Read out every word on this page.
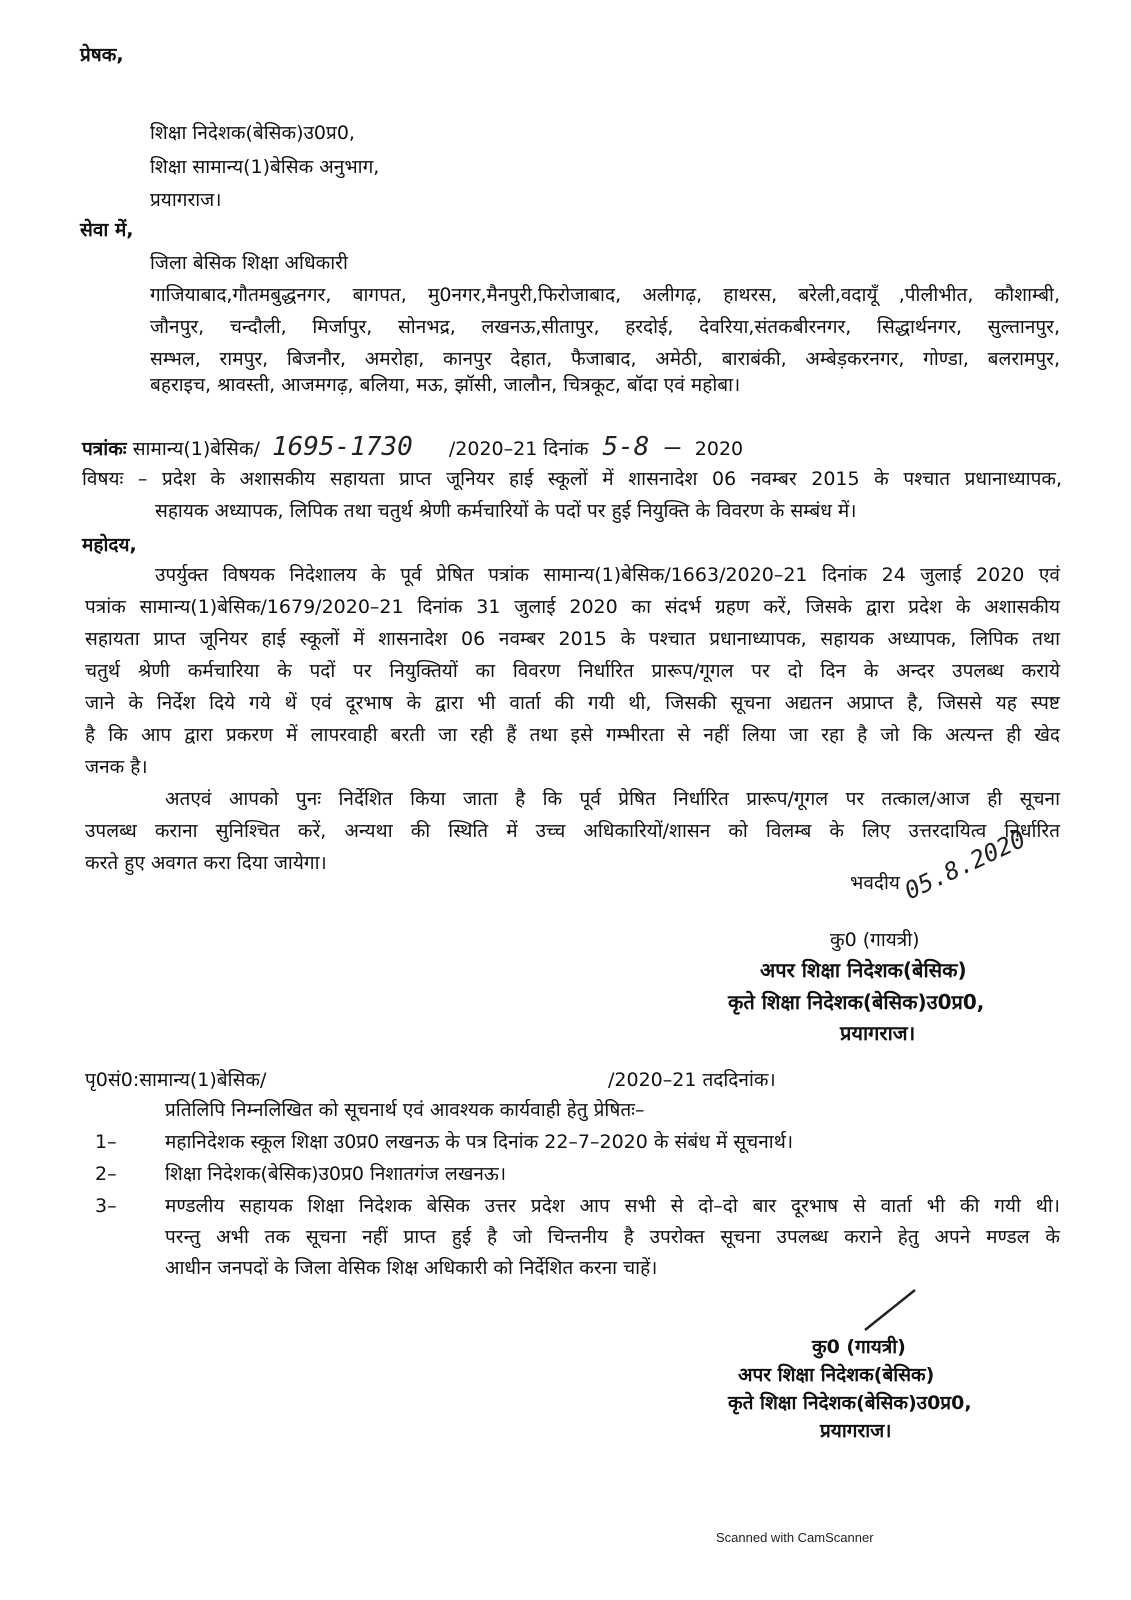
प्रेषक,
शिक्षा निदेशक(बेसिक)उ0प्र0,
शिक्षा सामान्य(1)बेसिक अनुभाग,
प्रयागराज।
सेवा में,
जिला बेसिक शिक्षा अधिकारी
गाजियाबाद,गौतमबुद्धनगर, बागपत, मु0नगर,मैनपुरी,फिरोजाबाद, अलीगढ़, हाथरस, बरेली,वदायूँ ,पीलीभीत, कौशाम्बी,
जौनपुर, चन्दौली, मिर्जापुर, सोनभद्र, लखनऊ,सीतापुर, हरदोई, देवरिया,संतकबीरनगर, सिद्धार्थनगर, सुल्तानपुर,
सम्भल, रामपुर, बिजनौर, अमरोहा, कानपुर देहात, फैजाबाद, अमेठी, बाराबंकी, अम्बेड़करनगर, गोण्डा, बलरामपुर,
बहराइच, श्रावस्ती, आजमगढ़, बलिया, मऊ, झॉसी, जालौन, चित्रकूट, बॉदा एवं महोबा।
पत्रांकः सामान्य(1)बेसिक/ 1695-1730 /2020–21 दिनांक 5-8 – 2020
विषयः – प्रदेश के अशासकीय सहायता प्राप्त जूनियर हाई स्कूलों में शासनादेश 06 नवम्बर 2015 के पश्चात प्रधानाध्यापक,
सहायक अध्यापक, लिपिक तथा चतुर्थ श्रेणी कर्मचारियों के पदों पर हुई नियुक्ति के विवरण के सम्बंध में।
महोदय,
उपर्युक्त विषयक निदेशालय के पूर्व प्रेषित पत्रांक सामान्य(1)बेसिक/1663/2020–21 दिनांक 24 जुलाई 2020 एवं
पत्रांक सामान्य(1)बेसिक/1679/2020–21 दिनांक 31 जुलाई 2020 का संदर्भ ग्रहण करें, जिसके द्वारा प्रदेश के अशासकीय
सहायता प्राप्त जूनियर हाई स्कूलों में शासनादेश 06 नवम्बर 2015 के पश्चात प्रधानाध्यापक, सहायक अध्यापक, लिपिक तथा
चतुर्थ श्रेणी कर्मचारिया के पदों पर नियुक्तियों का विवरण निर्धारित प्रारूप/गूगल पर दो दिन के अन्दर उपलब्ध कराये
जाने के निर्देश दिये गये थें एवं दूरभाष के द्वारा भी वार्ता की गयी थी, जिसकी सूचना अद्यतन अप्राप्त है, जिससे यह स्पष्ट
है कि आप द्वारा प्रकरण में लापरवाही बरती जा रही हैं तथा इसे गम्भीरता से नहीं लिया जा रहा है जो कि अत्यन्त ही खेद
जनक है।
अतएवं आपको पुनः निर्देशित किया जाता है कि पूर्व प्रेषित निर्धारित प्रारूप/गूगल पर तत्काल/आज ही सूचना
उपलब्ध कराना सुनिश्चित करें, अन्यथा की स्थिति में उच्च अधिकारियों/शासन को विलम्ब के लिए उत्तरदायित्व निर्धारित
करते हुए अवगत करा दिया जायेगा।
भवदीय 05.8.2020
कु0 (गायत्री)
अपर शिक्षा निदेशक(बेसिक)
कृते शिक्षा निदेशक(बेसिक)उ0प्र0,
प्रयागराज।
पृ0सं0:सामान्य(1)बेसिक/	/2020–21 तददिनांक।
प्रतिलिपि निम्नलिखित को सूचनार्थ एवं आवश्यक कार्यवाही हेतु प्रेषितः–
1–	महानिदेशक स्कूल शिक्षा उ0प्र0 लखनऊ के पत्र दिनांक 22–7–2020 के संबंध में सूचनार्थ।
2–	शिक्षा निदेशक(बेसिक)उ0प्र0 निशातगंज लखनऊ।
3–	मण्डलीय सहायक शिक्षा निदेशक बेसिक उत्तर प्रदेश आप सभी से दो–दो बार दूरभाष से वार्ता भी की गयी थी।
परन्तु अभी तक सूचना नहीं प्राप्त हुई है जो चिन्तनीय है उपरोक्त सूचना उपलब्ध कराने हेतु अपने मण्डल के
आधीन जनपदों के जिला वेसिक शिक्ष अधिकारी को निर्देशित करना चाहें।
कु0 (गायत्री)
अपर शिक्षा निदेशक(बेसिक)
कृते शिक्षा निदेशक(बेसिक)उ0प्र0,
प्रयागराज।
Scanned with CamScanner
